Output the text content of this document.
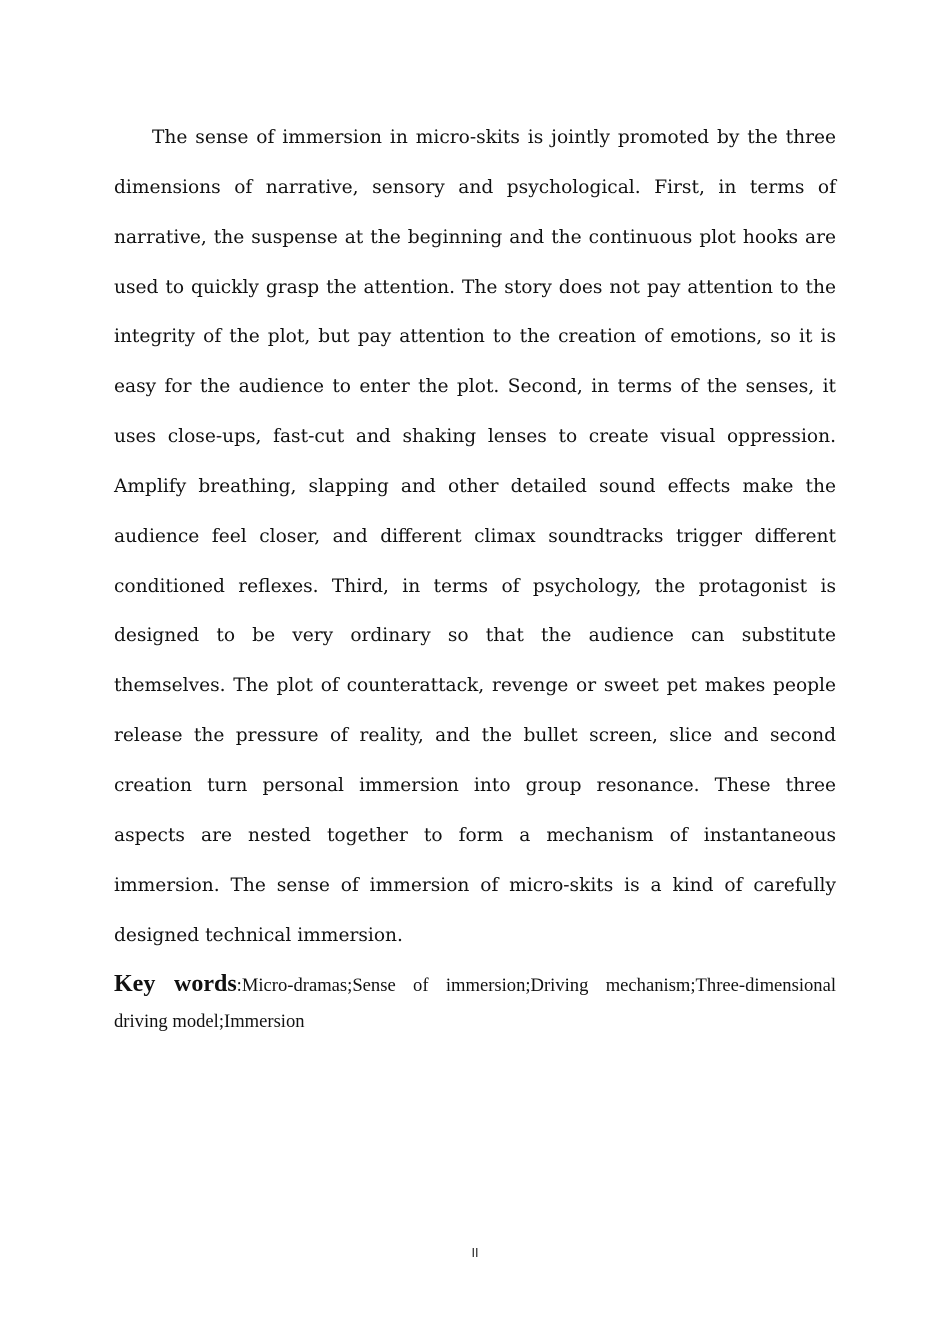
The sense of immersion in micro-skits is jointly promoted by the three dimensions of narrative, sensory and psychological. First, in terms of narrative, the suspense at the beginning and the continuous plot hooks are used to quickly grasp the attention. The story does not pay attention to the integrity of the plot, but pay attention to the creation of emotions, so it is easy for the audience to enter the plot. Second, in terms of the senses, it uses close-ups, fast-cut and shaking lenses to create visual oppression. Amplify breathing, slapping and other detailed sound effects make the audience feel closer, and different climax soundtracks trigger different conditioned reflexes. Third, in terms of psychology, the protagonist is designed to be very ordinary so that the audience can substitute themselves. The plot of counterattack, revenge or sweet pet makes people release the pressure of reality, and the bullet screen, slice and second creation turn personal immersion into group resonance. These three aspects are nested together to form a mechanism of instantaneous immersion. The sense of immersion of micro-skits is a kind of carefully designed technical immersion.

Key words:Micro-dramas;Sense of immersion;Driving mechanism;Three-dimensional driving model;Immersion

II
